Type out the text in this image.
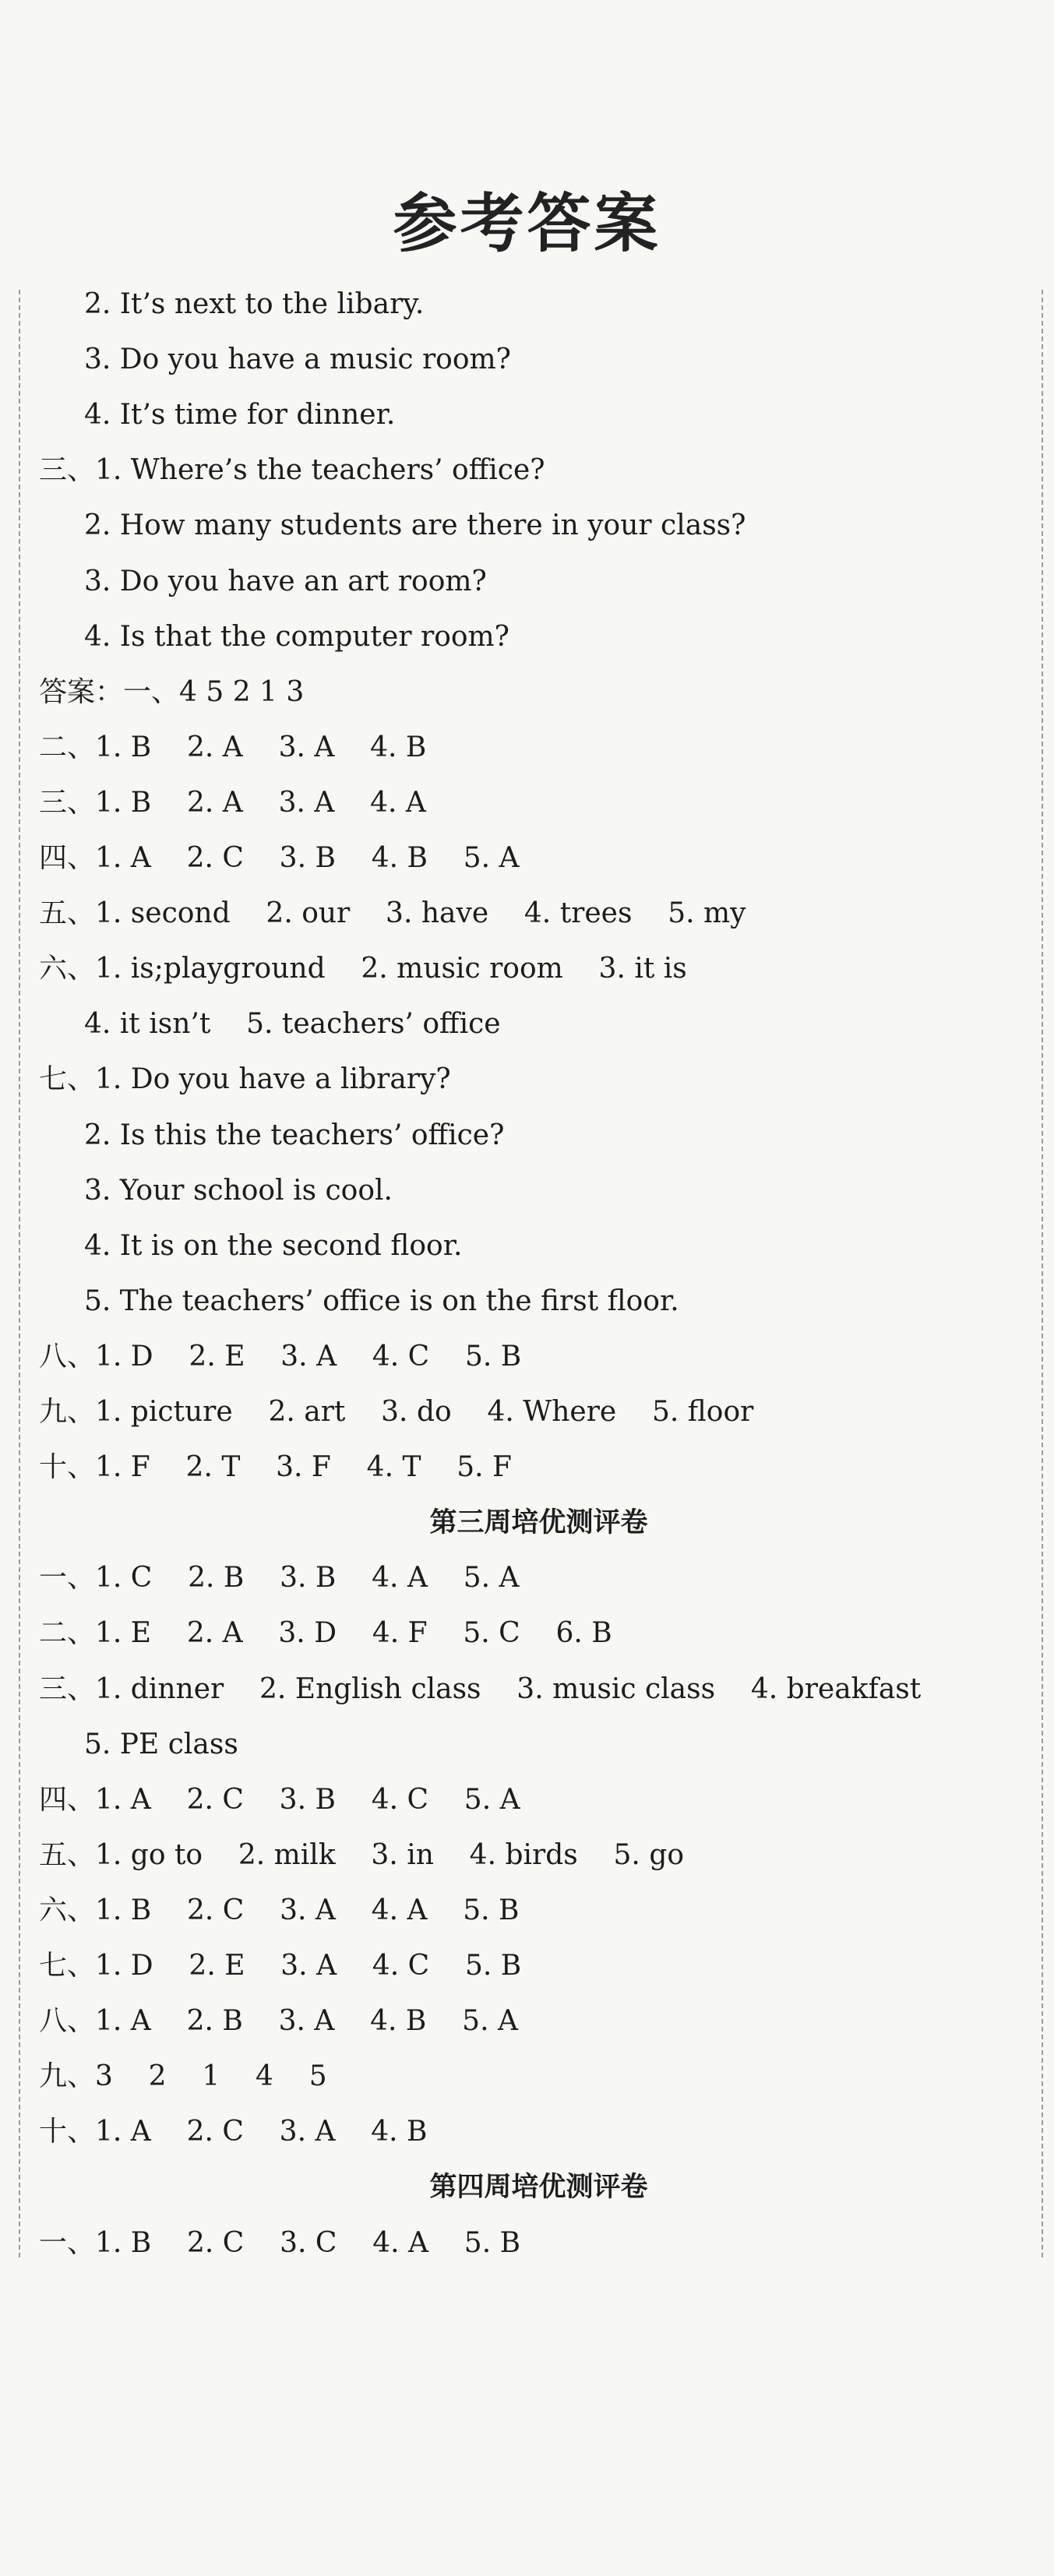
参考答案
2. It’s next to the libary.
3. Do you have a music room?
4. It’s time for dinner.
三、1. Where’s the teachers’ office?
2. How many students are there in your class?
3. Do you have an art room?
4. Is that the computer room?
答案：一、4 5 2 1 3
二、1. B    2. A    3. A    4. B
三、1. B    2. A    3. A    4. A
四、1. A    2. C    3. B    4. B    5. A
五、1. second    2. our    3. have    4. trees    5. my
六、1. is;playground    2. music room    3. it is
4. it isn’t    5. teachers’ office
七、1. Do you have a library?
2. Is this the teachers’ office?
3. Your school is cool.
4. It is on the second floor.
5. The teachers’ office is on the first floor.
八、1. D    2. E    3. A    4. C    5. B
九、1. picture    2. art    3. do    4. Where    5. floor
十、1. F    2. T    3. F    4. T    5. F
第三周培优测评卷
一、1. C    2. B    3. B    4. A    5. A
二、1. E    2. A    3. D    4. F    5. C    6. B
三、1. dinner    2. English class    3. music class    4. breakfast
5. PE class
四、1. A    2. C    3. B    4. C    5. A
五、1. go to    2. milk    3. in    4. birds    5. go
六、1. B    2. C    3. A    4. A    5. B
七、1. D    2. E    3. A    4. C    5. B
八、1. A    2. B    3. A    4. B    5. A
九、3    2    1    4    5
十、1. A    2. C    3. A    4. B
第四周培优测评卷
一、1. B    2. C    3. C    4. A    5. B
